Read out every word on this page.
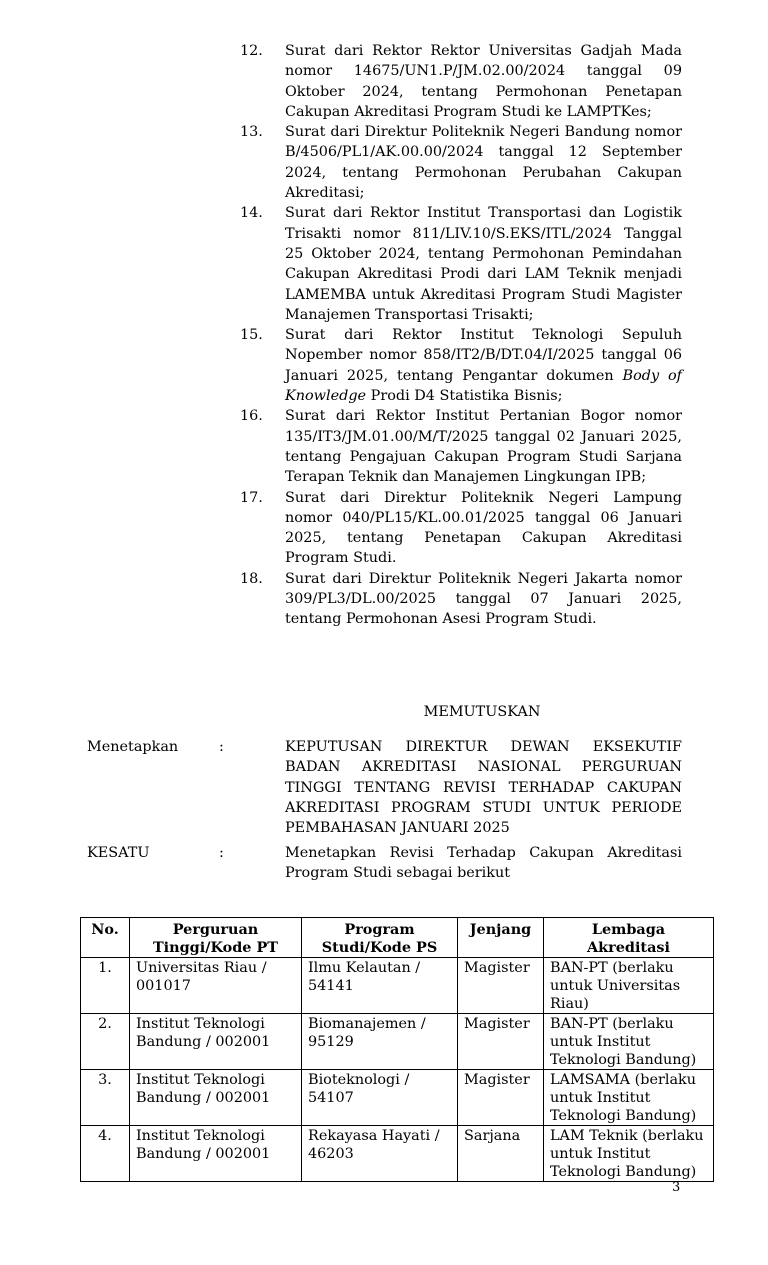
12.	Surat dari Rektor Rektor Universitas Gadjah Mada nomor 14675/UN1.P/JM.02.00/2024 tanggal 09 Oktober 2024, tentang Permohonan Penetapan Cakupan Akreditasi Program Studi ke LAMPTKes;
13.	Surat dari Direktur Politeknik Negeri Bandung nomor B/4506/PL1/AK.00.00/2024 tanggal 12 September 2024, tentang Permohonan Perubahan Cakupan Akreditasi;
14.	Surat dari Rektor Institut Transportasi dan Logistik Trisakti nomor 811/LIV.10/S.EKS/ITL/2024 Tanggal 25 Oktober 2024, tentang Permohonan Pemindahan Cakupan Akreditasi Prodi dari LAM Teknik menjadi LAMEMBA untuk Akreditasi Program Studi Magister Manajemen Transportasi Trisakti;
15.	Surat dari Rektor Institut Teknologi Sepuluh Nopember nomor 858/IT2/B/DT.04/I/2025 tanggal 06 Januari 2025, tentang Pengantar dokumen Body of Knowledge Prodi D4 Statistika Bisnis;
16.	Surat dari Rektor Institut Pertanian Bogor nomor 135/IT3/JM.01.00/M/T/2025 tanggal 02 Januari 2025, tentang Pengajuan Cakupan Program Studi Sarjana Terapan Teknik dan Manajemen Lingkungan IPB;
17.	Surat dari Direktur Politeknik Negeri Lampung nomor 040/PL15/KL.00.01/2025 tanggal 06 Januari 2025, tentang Penetapan Cakupan Akreditasi Program Studi.
18.	Surat dari Direktur Politeknik Negeri Jakarta nomor 309/PL3/DL.00/2025 tanggal 07 Januari 2025, tentang Permohonan Asesi Program Studi.
MEMUTUSKAN
Menetapkan	:	KEPUTUSAN DIREKTUR DEWAN EKSEKUTIF BADAN AKREDITASI NASIONAL PERGURUAN TINGGI TENTANG REVISI TERHADAP CAKUPAN AKREDITASI PROGRAM STUDI UNTUK PERIODE PEMBAHASAN JANUARI 2025
KESATU	:	Menetapkan Revisi Terhadap Cakupan Akreditasi Program Studi sebagai berikut
No.	Perguruan Tinggi/Kode PT	Program Studi/Kode PS	Jenjang	Lembaga Akreditasi
1.	Universitas Riau / 001017	Ilmu Kelautan / 54141	Magister	BAN-PT (berlaku untuk Universitas Riau)
2.	Institut Teknologi Bandung / 002001	Biomanajemen / 95129	Magister	BAN-PT (berlaku untuk Institut Teknologi Bandung)
3.	Institut Teknologi Bandung / 002001	Bioteknologi / 54107	Magister	LAMSAMA (berlaku untuk Institut Teknologi Bandung)
4.	Institut Teknologi Bandung / 002001	Rekayasa Hayati / 46203	Sarjana	LAM Teknik (berlaku untuk Institut Teknologi Bandung)
3
